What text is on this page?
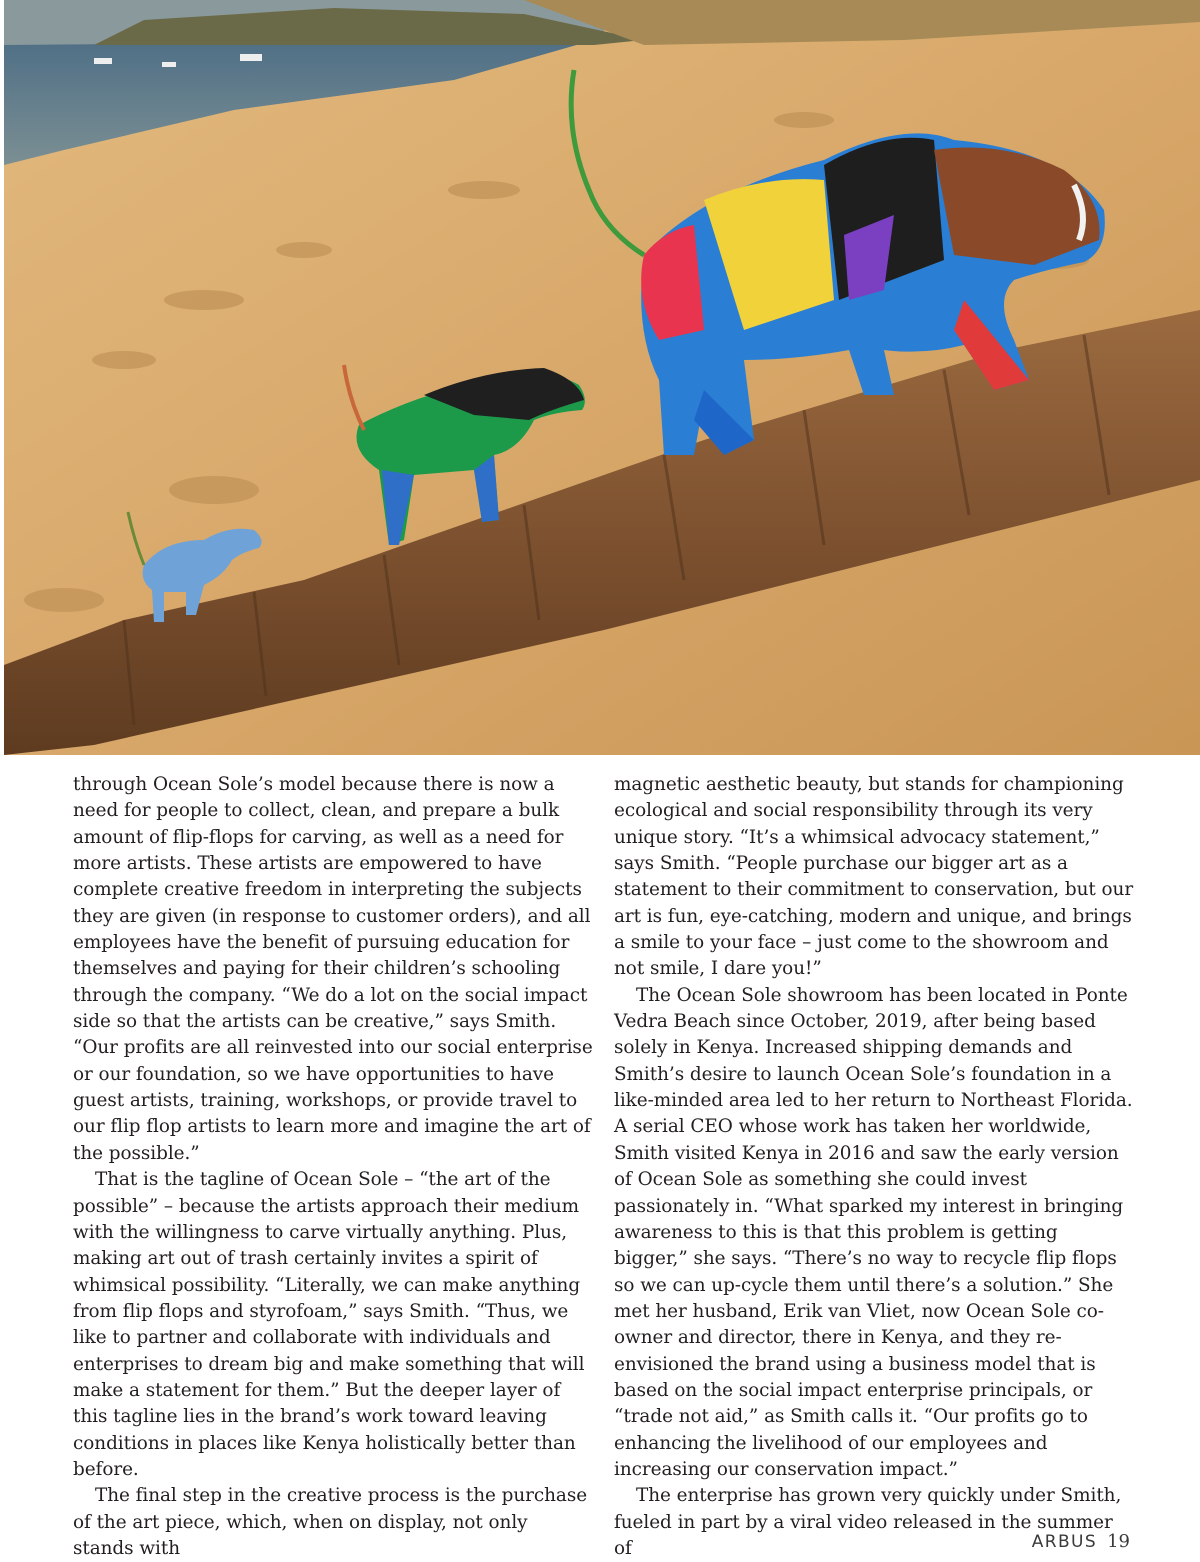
through Ocean Sole’s model because there is now a need for people to collect, clean, and prepare a bulk amount of flip-flops for carving, as well as a need for more artists. These artists are empowered to have complete creative freedom in interpreting the subjects they are given (in response to customer orders), and all employees have the benefit of pursuing education for themselves and paying for their children’s schooling through the company. “We do a lot on the social impact side so that the artists can be creative,” says Smith. “Our profits are all reinvested into our social enterprise or our foundation, so we have opportunities to have guest artists, training, workshops, or provide travel to our flip flop artists to learn more and imagine the art of the possible.”

That is the tagline of Ocean Sole – “the art of the possible” – because the artists approach their medium with the willingness to carve virtually anything. Plus, making art out of trash certainly invites a spirit of whimsical possibility. “Literally, we can make anything from flip flops and styrofoam,” says Smith. “Thus, we like to partner and collaborate with individuals and enterprises to dream big and make something that will make a statement for them.” But the deeper layer of this tagline lies in the brand’s work toward leaving conditions in places like Kenya holistically better than before.

The final step in the creative process is the purchase of the art piece, which, when on display, not only stands with

magnetic aesthetic beauty, but stands for championing ecological and social responsibility through its very unique story. “It’s a whimsical advocacy statement,” says Smith. “People purchase our bigger art as a statement to their commitment to conservation, but our art is fun, eye-catching, modern and unique, and brings a smile to your face – just come to the showroom and not smile, I dare you!”

The Ocean Sole showroom has been located in Ponte Vedra Beach since October, 2019, after being based solely in Kenya. Increased shipping demands and Smith’s desire to launch Ocean Sole’s foundation in a like-minded area led to her return to Northeast Florida. A serial CEO whose work has taken her worldwide, Smith visited Kenya in 2016 and saw the early version of Ocean Sole as something she could invest passionately in. “What sparked my interest in bringing awareness to this is that this problem is getting bigger,” she says. “There’s no way to recycle flip flops so we can up-cycle them until there’s a solution.” She met her husband, Erik van Vliet, now Ocean Sole co-owner and director, there in Kenya, and they re-envisioned the brand using a business model that is based on the social impact enterprise principals, or “trade not aid,” as Smith calls it. “Our profits go to enhancing the livelihood of our employees and increasing our conservation impact.”

The enterprise has grown very quickly under Smith, fueled in part by a viral video released in the summer of	ARBUS 19
